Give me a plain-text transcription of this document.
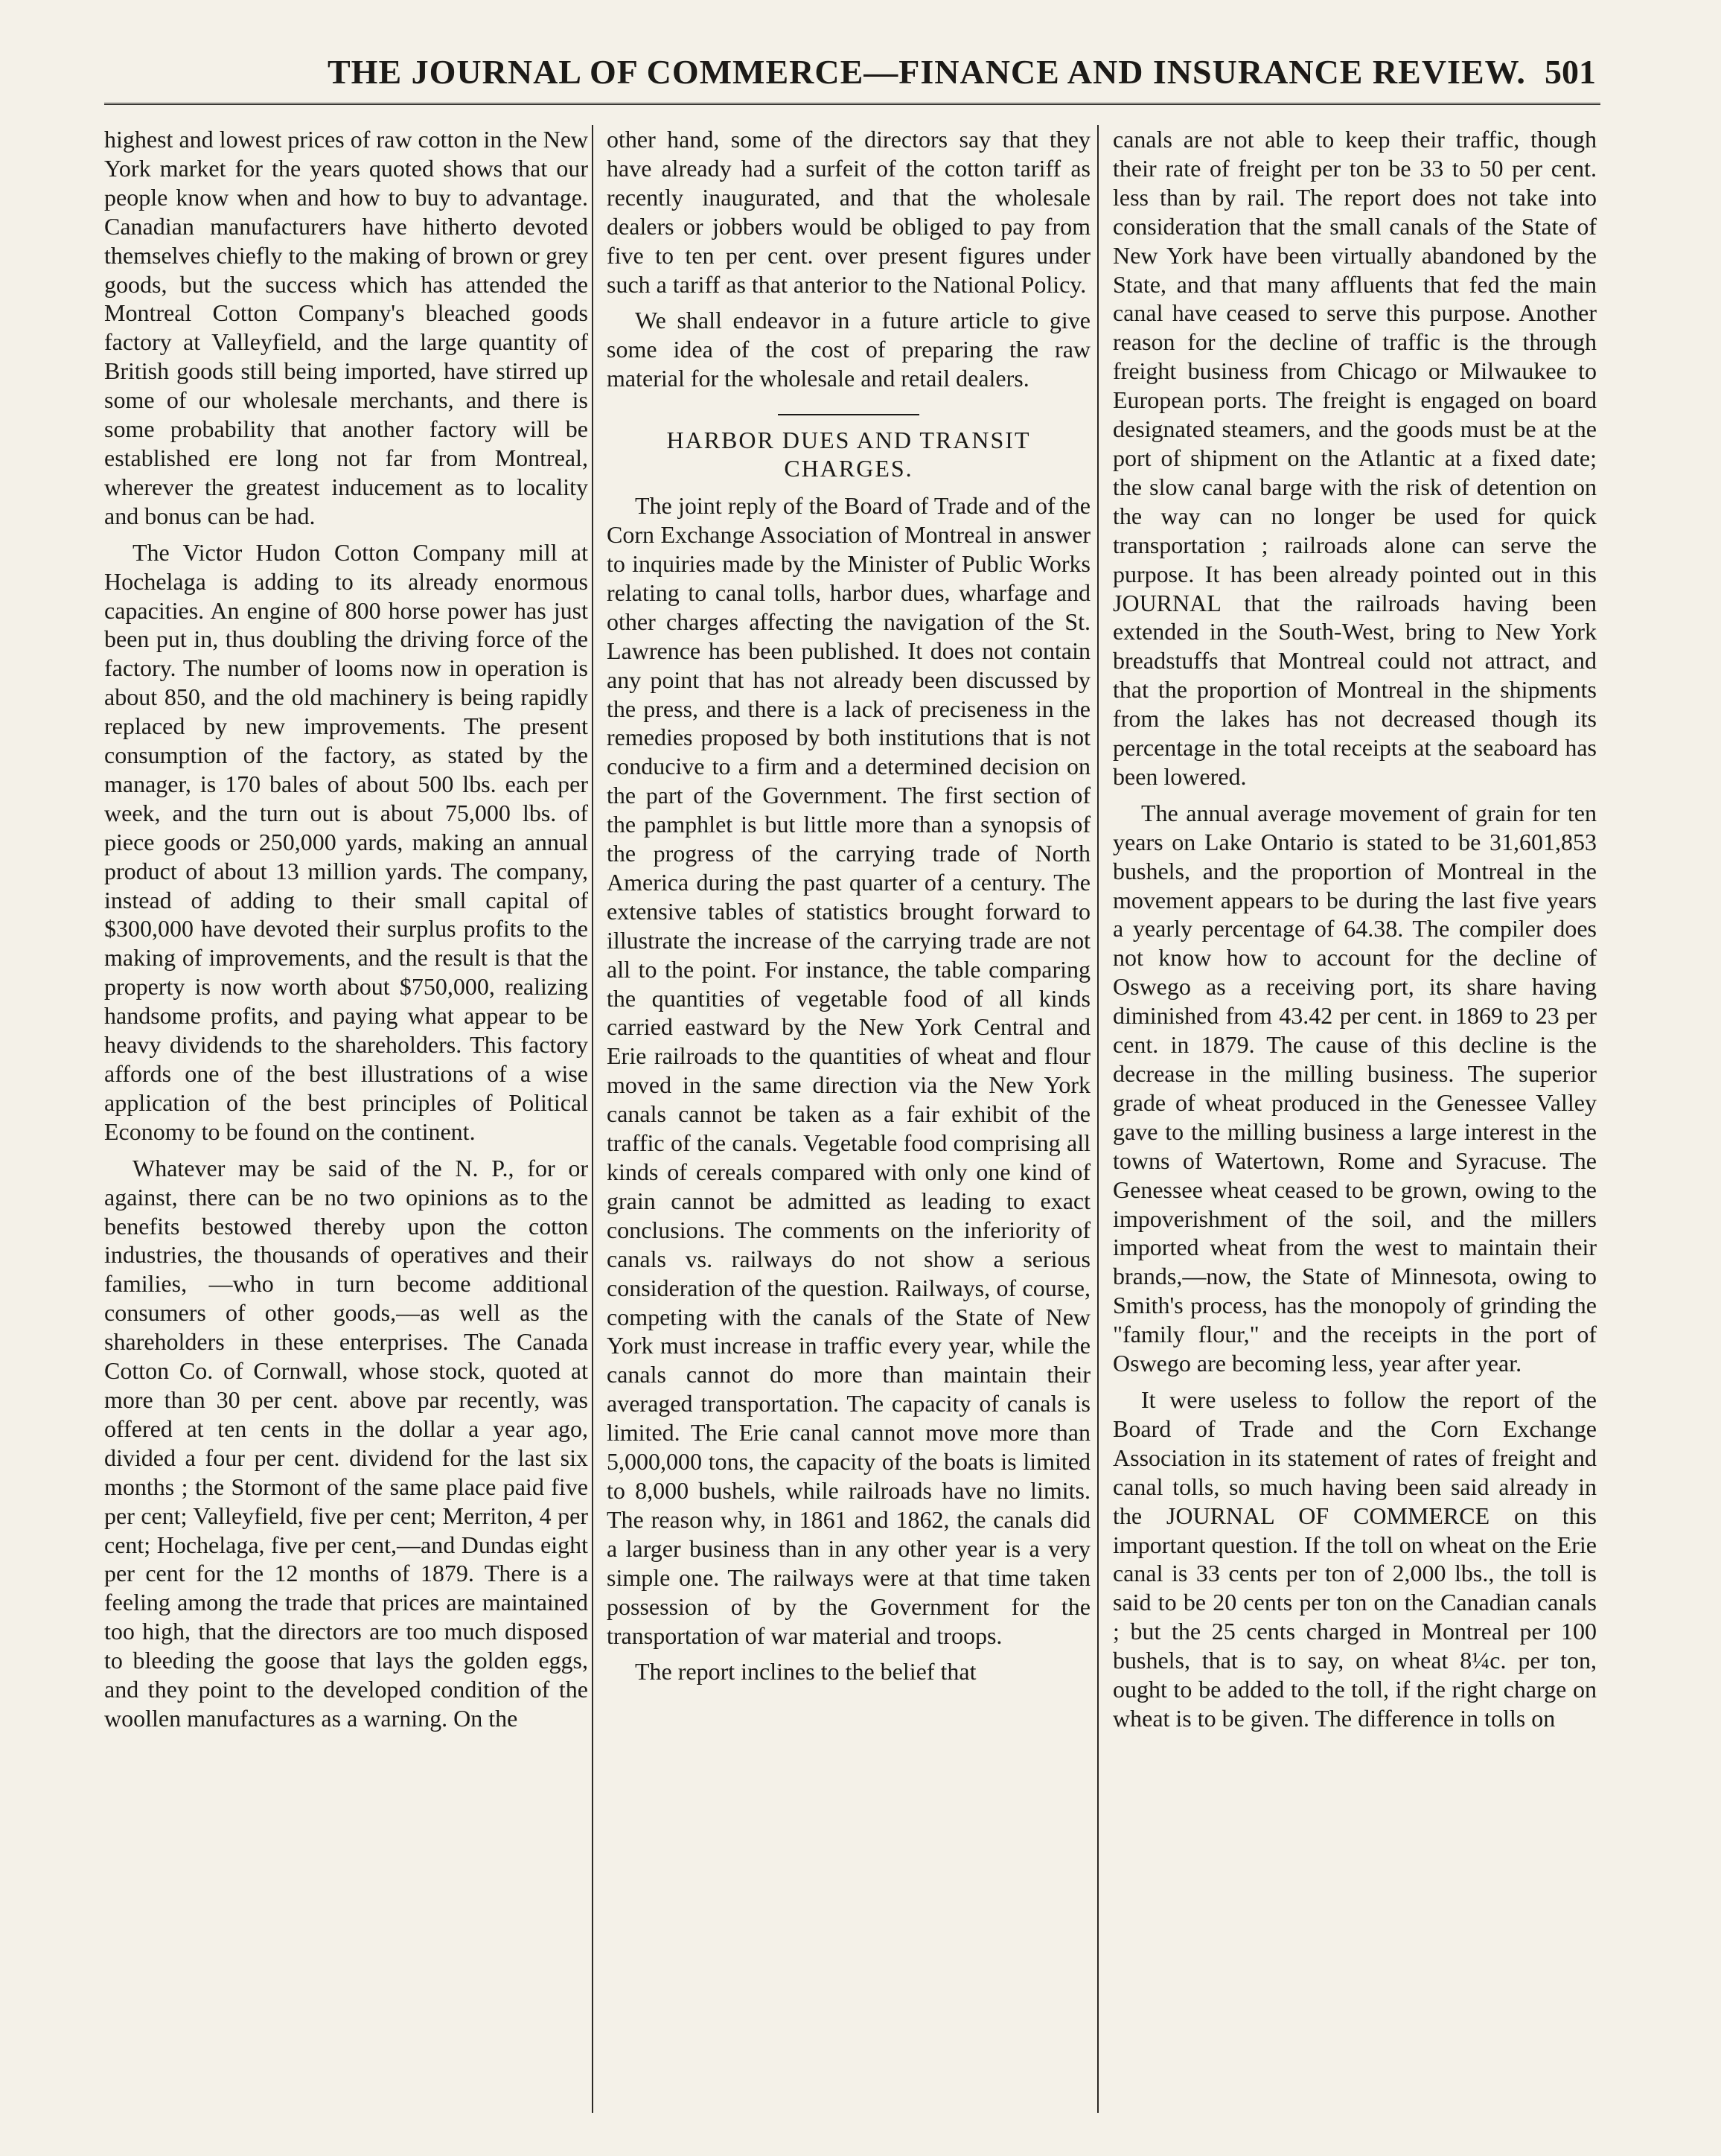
THE JOURNAL OF COMMERCE—FINANCE AND INSURANCE REVIEW. 501

highest and lowest prices of raw cotton in the New York market for the years quoted shows that our people know when and how to buy to advantage. Canadian manufacturers have hitherto devoted themselves chiefly to the making of brown or grey goods, but the success which has attended the Montreal Cotton Company's bleached goods factory at Valleyfield, and the large quantity of British goods still being imported, have stirred up some of our wholesale merchants, and there is some probability that another factory will be established ere long not far from Montreal, wherever the greatest inducement as to locality and bonus can be had.

The Victor Hudon Cotton Company mill at Hochelaga is adding to its already enormous capacities. An engine of 800 horse power has just been put in, thus doubling the driving force of the factory. The number of looms now in operation is about 850, and the old machinery is being rapidly replaced by new improvements. The present consumption of the factory, as stated by the manager, is 170 bales of about 500 lbs. each per week, and the turn out is about 75,000 lbs. of piece goods or 250,000 yards, making an annual product of about 13 million yards. The company, instead of adding to their small capital of $300,000 have devoted their surplus profits to the making of improvements, and the result is that the property is now worth about $750,000, realizing handsome profits, and paying what appear to be heavy dividends to the shareholders. This factory affords one of the best illustrations of a wise application of the best principles of Political Economy to be found on the continent.

Whatever may be said of the N. P., for or against, there can be no two opinions as to the benefits bestowed thereby upon the cotton industries, the thousands of operatives and their families, —who in turn become additional consumers of other goods,—as well as the shareholders in these enterprises. The Canada Cotton Co. of Cornwall, whose stock, quoted at more than 30 per cent. above par recently, was offered at ten cents in the dollar a year ago, divided a four per cent. dividend for the last six months ; the Stormont of the same place paid five per cent; Valleyfield, five per cent; Merriton, 4 per cent; Hochelaga, five per cent,—and Dundas eight per cent for the 12 months of 1879. There is a feeling among the trade that prices are maintained too high, that the directors are too much disposed to bleeding the goose that lays the golden eggs, and they point to the developed condition of the woollen manufactures as a warning. On the

other hand, some of the directors say that they have already had a surfeit of the cotton tariff as recently inaugurated, and that the wholesale dealers or jobbers would be obliged to pay from five to ten per cent. over present figures under such a tariff as that anterior to the National Policy.

We shall endeavor in a future article to give some idea of the cost of preparing the raw material for the wholesale and retail dealers.

HARBOR DUES AND TRANSIT CHARGES.

The joint reply of the Board of Trade and of the Corn Exchange Association of Montreal in answer to inquiries made by the Minister of Public Works relating to canal tolls, harbor dues, wharfage and other charges affecting the navigation of the St. Lawrence has been published. It does not contain any point that has not already been discussed by the press, and there is a lack of preciseness in the remedies proposed by both institutions that is not conducive to a firm and a determined decision on the part of the Government. The first section of the pamphlet is but little more than a synopsis of the progress of the carrying trade of North America during the past quarter of a century. The extensive tables of statistics brought forward to illustrate the increase of the carrying trade are not all to the point. For instance, the table comparing the quantities of vegetable food of all kinds carried eastward by the New York Central and Erie railroads to the quantities of wheat and flour moved in the same direction via the New York canals cannot be taken as a fair exhibit of the traffic of the canals. Vegetable food comprising all kinds of cereals compared with only one kind of grain cannot be admitted as leading to exact conclusions. The comments on the inferiority of canals vs. railways do not show a serious consideration of the question. Railways, of course, competing with the canals of the State of New York must increase in traffic every year, while the canals cannot do more than maintain their averaged transportation. The capacity of canals is limited. The Erie canal cannot move more than 5,000,000 tons, the capacity of the boats is limited to 8,000 bushels, while railroads have no limits. The reason why, in 1861 and 1862, the canals did a larger business than in any other year is a very simple one. The railways were at that time taken possession of by the Government for the transportation of war material and troops.

The report inclines to the belief that

canals are not able to keep their traffic, though their rate of freight per ton be 33 to 50 per cent. less than by rail. The report does not take into consideration that the small canals of the State of New York have been virtually abandoned by the State, and that many affluents that fed the main canal have ceased to serve this purpose. Another reason for the decline of traffic is the through freight business from Chicago or Milwaukee to European ports. The freight is engaged on board designated steamers, and the goods must be at the port of shipment on the Atlantic at a fixed date; the slow canal barge with the risk of detention on the way can no longer be used for quick transportation ; railroads alone can serve the purpose. It has been already pointed out in this JOURNAL that the railroads having been extended in the South-West, bring to New York breadstuffs that Montreal could not attract, and that the proportion of Montreal in the shipments from the lakes has not decreased though its percentage in the total receipts at the seaboard has been lowered.

The annual average movement of grain for ten years on Lake Ontario is stated to be 31,601,853 bushels, and the proportion of Montreal in the movement appears to be during the last five years a yearly percentage of 64.38. The compiler does not know how to account for the decline of Oswego as a receiving port, its share having diminished from 43.42 per cent. in 1869 to 23 per cent. in 1879. The cause of this decline is the decrease in the milling business. The superior grade of wheat produced in the Genessee Valley gave to the milling business a large interest in the towns of Watertown, Rome and Syracuse. The Genessee wheat ceased to be grown, owing to the impoverishment of the soil, and the millers imported wheat from the west to maintain their brands,—now, the State of Minnesota, owing to Smith's process, has the monopoly of grinding the "family flour," and the receipts in the port of Oswego are becoming less, year after year.

It were useless to follow the report of the Board of Trade and the Corn Exchange Association in its statement of rates of freight and canal tolls, so much having been said already in the JOURNAL OF COMMERCE on this important question. If the toll on wheat on the Erie canal is 33 cents per ton of 2,000 lbs., the toll is said to be 20 cents per ton on the Canadian canals ; but the 25 cents charged in Montreal per 100 bushels, that is to say, on wheat 8¼c. per ton, ought to be added to the toll, if the right charge on wheat is to be given. The difference in tolls on
